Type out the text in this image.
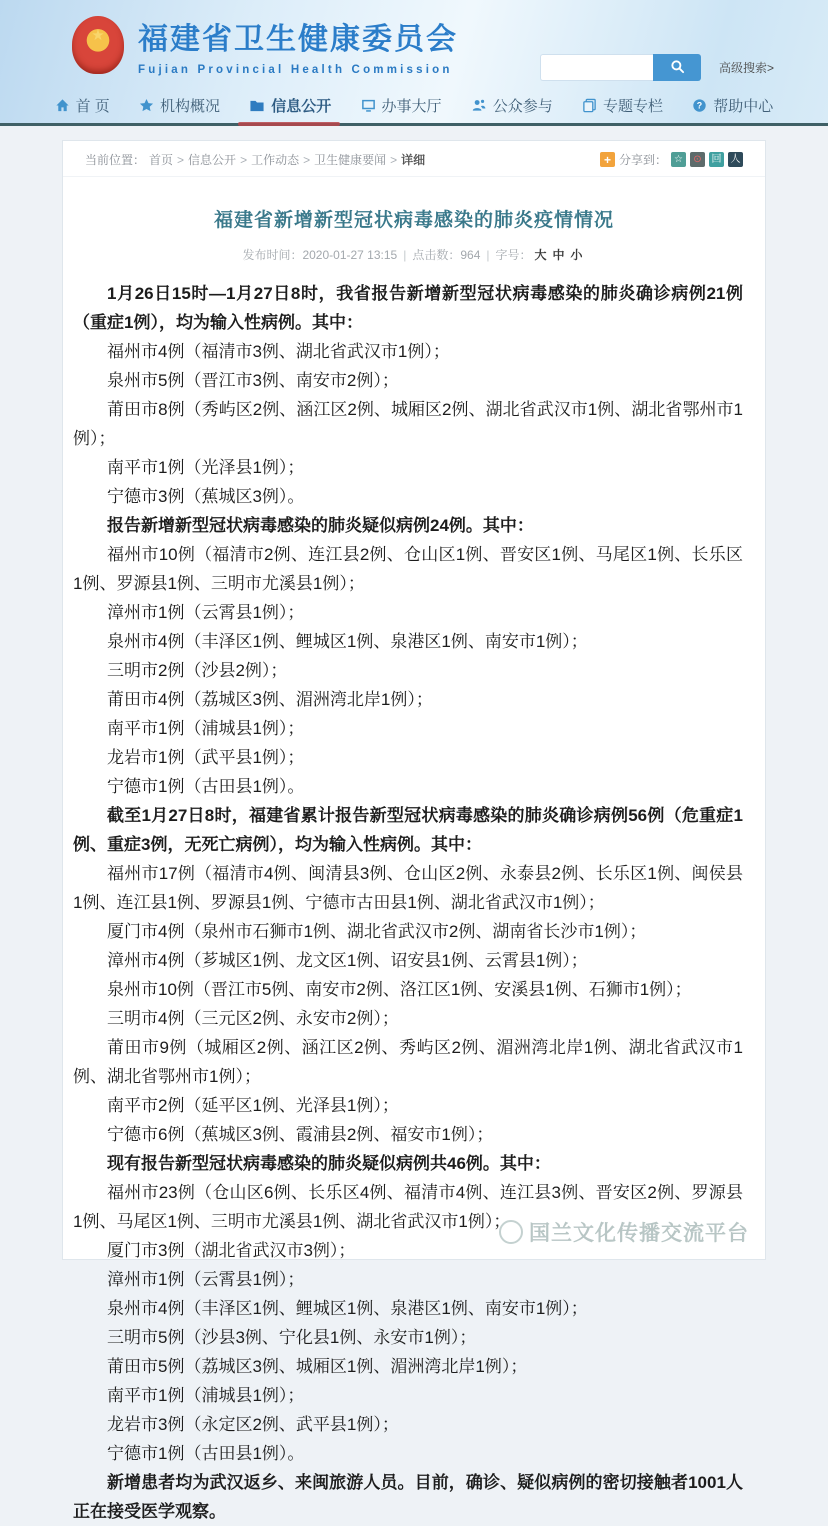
★
福建省卫生健康委员会
Fujian Provincial Health Commission	高级搜索>
首 页	机构概况	信息公开	办事大厅	公众参与	专题专栏	? 帮助中心
当前位置： 首页 > 信息公开 > 工作动态 > 卫生健康要闻 > 详细	+ 分享到： ☆	⊙ 回 人
福建省新增新型冠状病毒感染的肺炎疫情情况
发布时间：2020-01-27 13:15 | 点击数：964 | 字号： 大 中 小

1月26日15时—1月27日8时，我省报告新增新型冠状病毒感染的肺炎确诊病例21例（重症1例），均为输入性病例。其中：

福州市4例（福清市3例、湖北省武汉市1例）；

泉州市5例（晋江市3例、南安市2例）；

莆田市8例（秀屿区2例、涵江区2例、城厢区2例、湖北省武汉市1例、湖北省鄂州市1例）；

南平市1例（光泽县1例）；

宁德市3例（蕉城区3例）。

报告新增新型冠状病毒感染的肺炎疑似病例24例。其中：

福州市10例（福清市2例、连江县2例、仓山区1例、晋安区1例、马尾区1例、长乐区1例、罗源县1例、三明市尤溪县1例）；

漳州市1例（云霄县1例）；

泉州市4例（丰泽区1例、鲤城区1例、泉港区1例、南安市1例）；

三明市2例（沙县2例）；

莆田市4例（荔城区3例、湄洲湾北岸1例）；

南平市1例（浦城县1例）；

龙岩市1例（武平县1例）；

宁德市1例（古田县1例）。

截至1月27日8时，福建省累计报告新型冠状病毒感染的肺炎确诊病例56例（危重症1例、重症3例，无死亡病例），均为输入性病例。其中：

福州市17例（福清市4例、闽清县3例、仓山区2例、永泰县2例、长乐区1例、闽侯县1例、连江县1例、罗源县1例、宁德市古田县1例、湖北省武汉市1例）；

厦门市4例（泉州市石狮市1例、湖北省武汉市2例、湖南省长沙市1例）；

漳州市4例（芗城区1例、龙文区1例、诏安县1例、云霄县1例）；

泉州市10例（晋江市5例、南安市2例、洛江区1例、安溪县1例、石狮市1例）；

三明市4例（三元区2例、永安市2例）；

莆田市9例（城厢区2例、涵江区2例、秀屿区2例、湄洲湾北岸1例、湖北省武汉市1例、湖北省鄂州市1例）；

南平市2例（延平区1例、光泽县1例）；

宁德市6例（蕉城区3例、霞浦县2例、福安市1例）；

现有报告新型冠状病毒感染的肺炎疑似病例共46例。其中：

福州市23例（仓山区6例、长乐区4例、福清市4例、连江县3例、晋安区2例、罗源县1例、马尾区1例、三明市尤溪县1例、湖北省武汉市1例）；

厦门市3例（湖北省武汉市3例）；

漳州市1例（云霄县1例）；

泉州市4例（丰泽区1例、鲤城区1例、泉港区1例、南安市1例）；

三明市5例（沙县3例、宁化县1例、永安市1例）；

莆田市5例（荔城区3例、城厢区1例、湄洲湾北岸1例）；

南平市1例（浦城县1例）；

龙岩市3例（永定区2例、武平县1例）；

宁德市1例（古田县1例）。

新增患者均为武汉返乡、来闽旅游人员。目前，确诊、疑似病例的密切接触者1001人正在接受医学观察。

国兰文化传播交流平台
